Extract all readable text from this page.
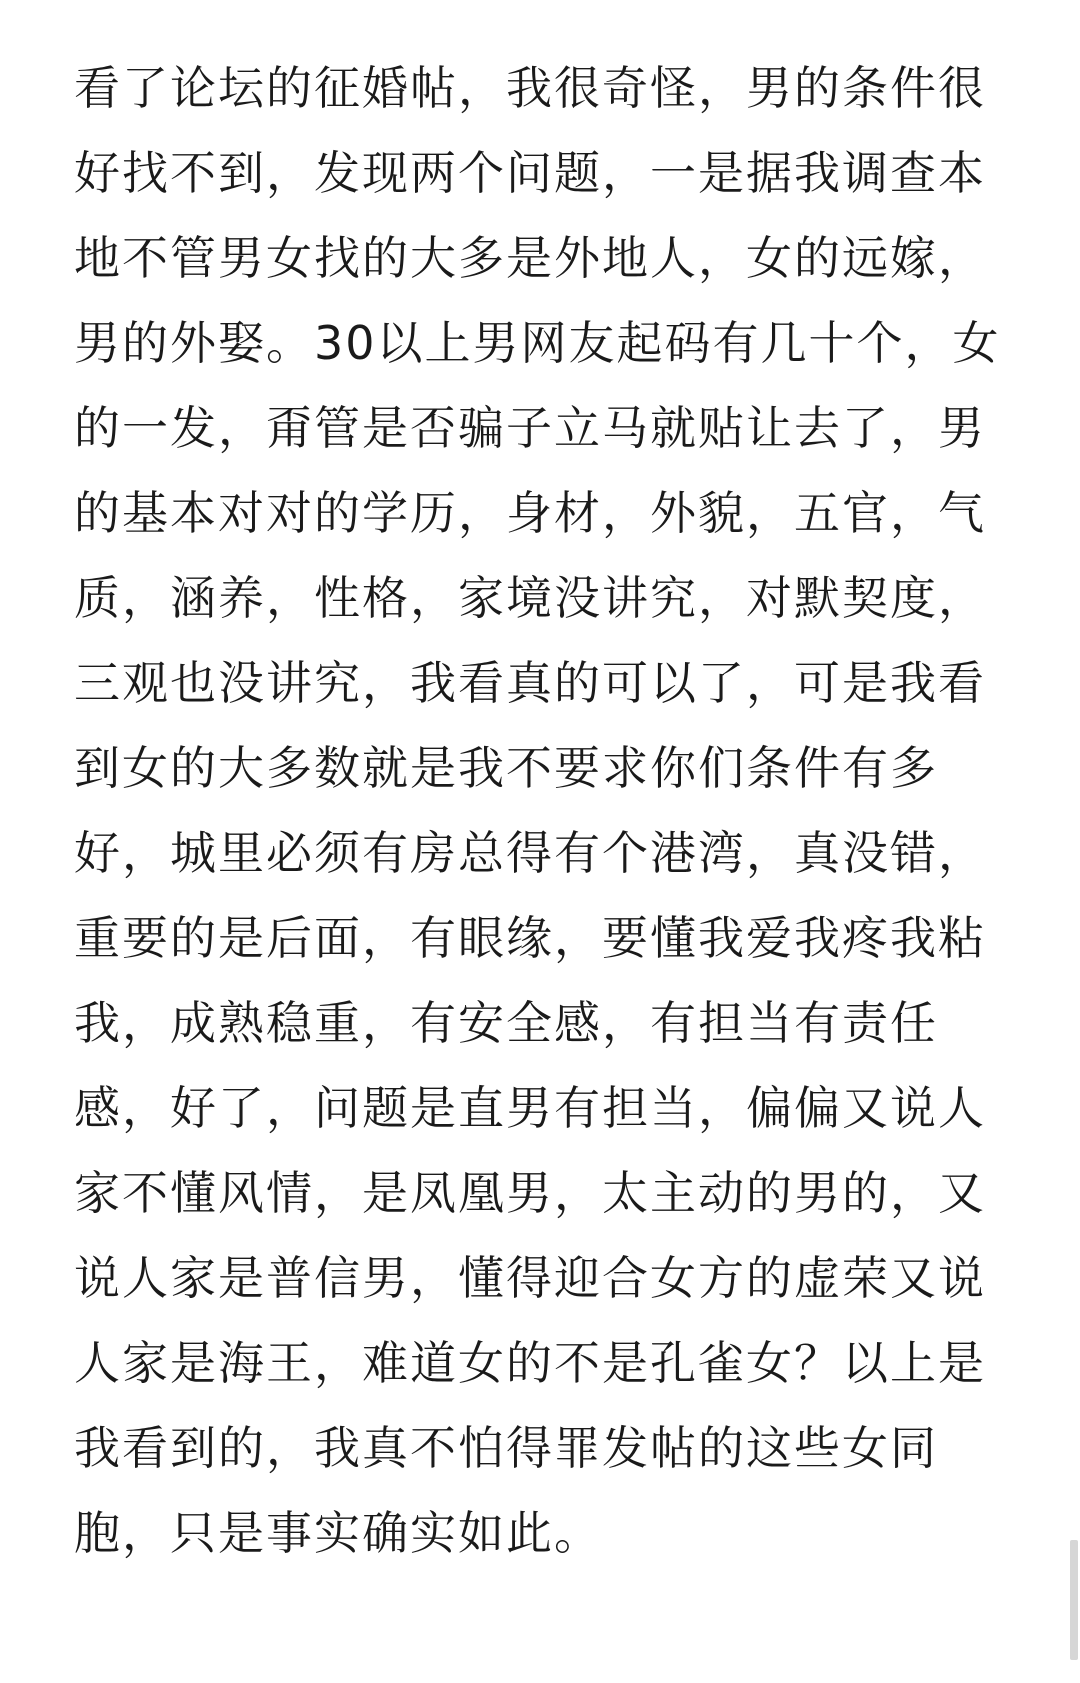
看了论坛的征婚帖，我很奇怪，男的条件很

好找不到，发现两个问题，一是据我调查本

地不管男女找的大多是外地人，女的远嫁，

男的外娶。30以上男网友起码有几十个，女

的一发，甭管是否骗子立马就贴让去了，男

的基本对对的学历，身材，外貌，五官，气

质，涵养，性格，家境没讲究，对默契度，

三观也没讲究，我看真的可以了，可是我看

到女的大多数就是我不要求你们条件有多

好，城里必须有房总得有个港湾，真没错，

重要的是后面，有眼缘，要懂我爱我疼我粘

我，成熟稳重，有安全感，有担当有责任

感，好了，问题是直男有担当，偏偏又说人

家不懂风情，是凤凰男，太主动的男的，又

说人家是普信男，懂得迎合女方的虚荣又说

人家是海王，难道女的不是孔雀女？以上是

我看到的，我真不怕得罪发帖的这些女同

胞，只是事实确实如此。
